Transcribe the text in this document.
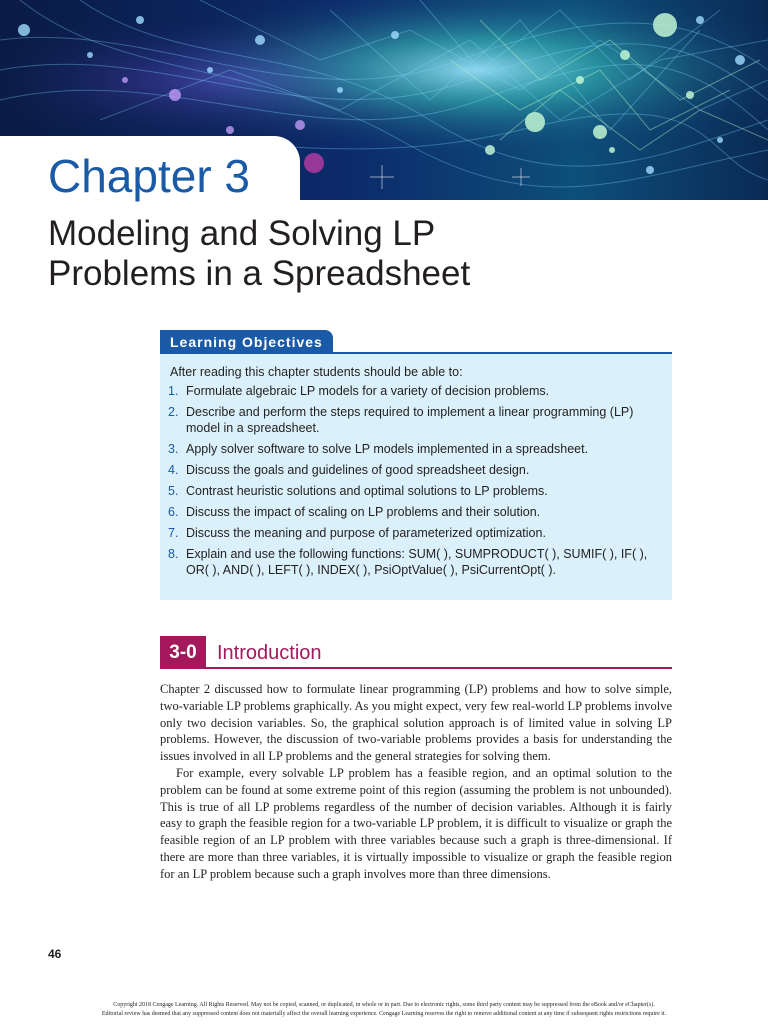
Chapter 3
Modeling and Solving LP
Problems in a Spreadsheet
After reading this chapter students should be able to:
1. Formulate algebraic LP models for a variety of decision problems.
2. Describe and perform the steps required to implement a linear programming (LP) model in a spreadsheet.
3. Apply solver software to solve LP models implemented in a spreadsheet.
4. Discuss the goals and guidelines of good spreadsheet design.
5. Contrast heuristic solutions and optimal solutions to LP problems.
6. Discuss the impact of scaling on LP problems and their solution.
7. Discuss the meaning and purpose of parameterized optimization.
8. Explain and use the following functions: SUM( ), SUMPRODUCT( ), SUMIF( ), IF( ), OR( ), AND( ), LEFT( ), INDEX( ), PsiOptValue( ), PsiCurrentOpt( ).
Learning Objectives
3-0	Introduction

Chapter 2 discussed how to formulate linear programming (LP) problems and how to solve simple, two-variable LP problems graphically. As you might expect, very few real-world LP problems involve only two decision variables. So, the graphical solution approach is of limited value in solving LP problems. However, the discussion of two-variable problems provides a basis for understanding the issues involved in all LP problems and the general strategies for solving them.

For example, every solvable LP problem has a feasible region, and an optimal solution to the problem can be found at some extreme point of this region (assuming the problem is not unbounded). This is true of all LP problems regardless of the number of decision variables. Although it is fairly easy to graph the feasible region for a two-variable LP problem, it is difficult to visualize or graph the feasible region of an LP problem with three variables because such a graph is three-dimensional. If there are more than three variables, it is virtually impossible to visualize or graph the feasible region for an LP problem because such a graph involves more than three dimensions.

46
Copyright 2018 Cengage Learning. All Rights Reserved. May not be copied, scanned, or duplicated, in whole or in part. Due to electronic rights, some third party content may be suppressed from the eBook and/or eChapter(s).
Editorial review has deemed that any suppressed content does not materially affect the overall learning experience. Cengage Learning reserves the right to remove additional content at any time if subsequent rights restrictions require it.
